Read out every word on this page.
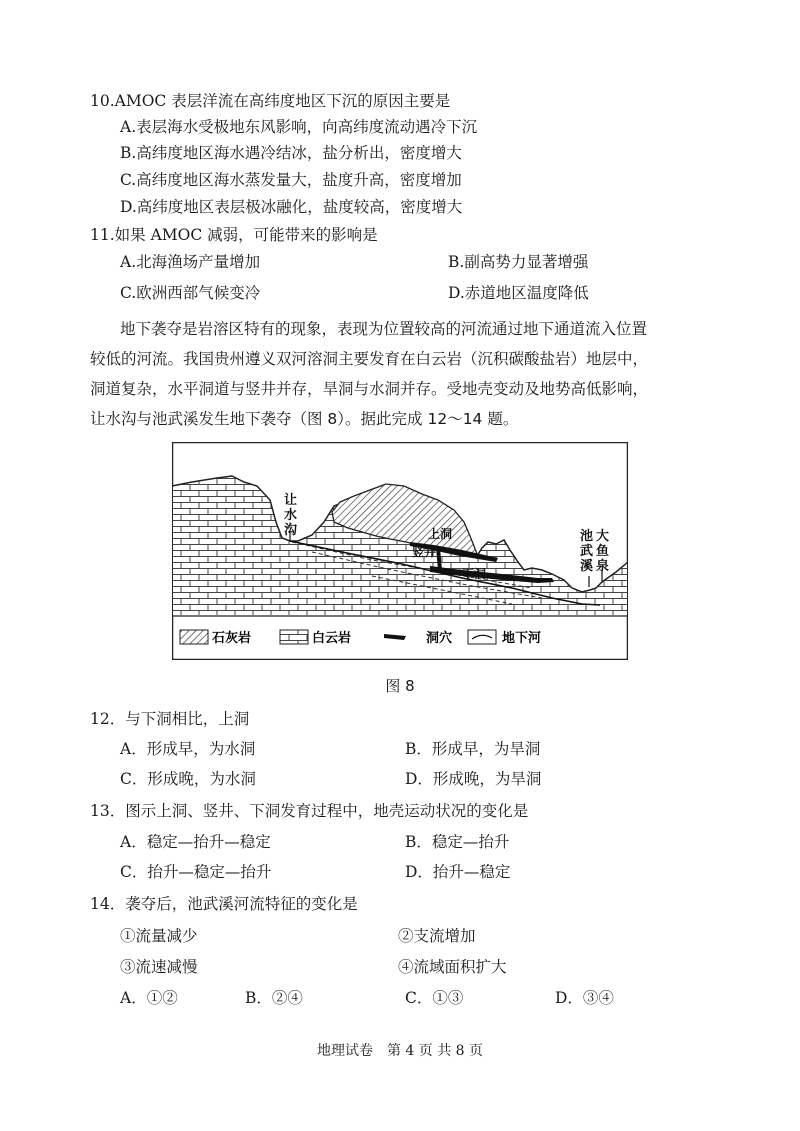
10.AMOC 表层洋流在高纬度地区下沉的原因主要是
A.表层海水受极地东风影响，向高纬度流动遇冷下沉
B.高纬度地区海水遇冷结冰，盐分析出，密度增大
C.高纬度地区海水蒸发量大，盐度升高，密度增加
D.高纬度地区表层极冰融化，盐度较高，密度增大
11.如果 AMOC 减弱，可能带来的影响是
A.北海渔场产量增加	B.副高势力显著增强
C.欧洲西部气候变冷	D.赤道地区温度降低
地下袭夺是岩溶区特有的现象，表现为位置较高的河流通过地下通道流入位置
较低的河流。我国贵州遵义双河溶洞主要发育在白云岩（沉积碳酸盐岩）地层中，
洞道复杂，水平洞道与竖井并存，旱洞与水洞并存。受地壳变动及地势高低影响，
让水沟与池武溪发生地下袭夺（图 8）。据此完成 12～14 题。
让
水
沟	池
武
溪
大
鱼
泉
上洞
竖井
下洞
石灰岩	白云岩	洞穴	地下河
图 8
12．与下洞相比，上洞
A．形成早，为水洞	B．形成早，为旱洞
C．形成晚，为水洞	D．形成晚，为旱洞
13．图示上洞、竖井、下洞发育过程中，地壳运动状况的变化是
A．稳定—抬升—稳定	B．稳定—抬升
C．抬升—稳定—抬升	D．抬升—稳定
14．袭夺后，池武溪河流特征的变化是
①流量减少	②支流增加
③流速减慢	④流域面积扩大
A．①②	B．②④	C．①③	D．③④
地理试卷　第 4 页 共 8 页
